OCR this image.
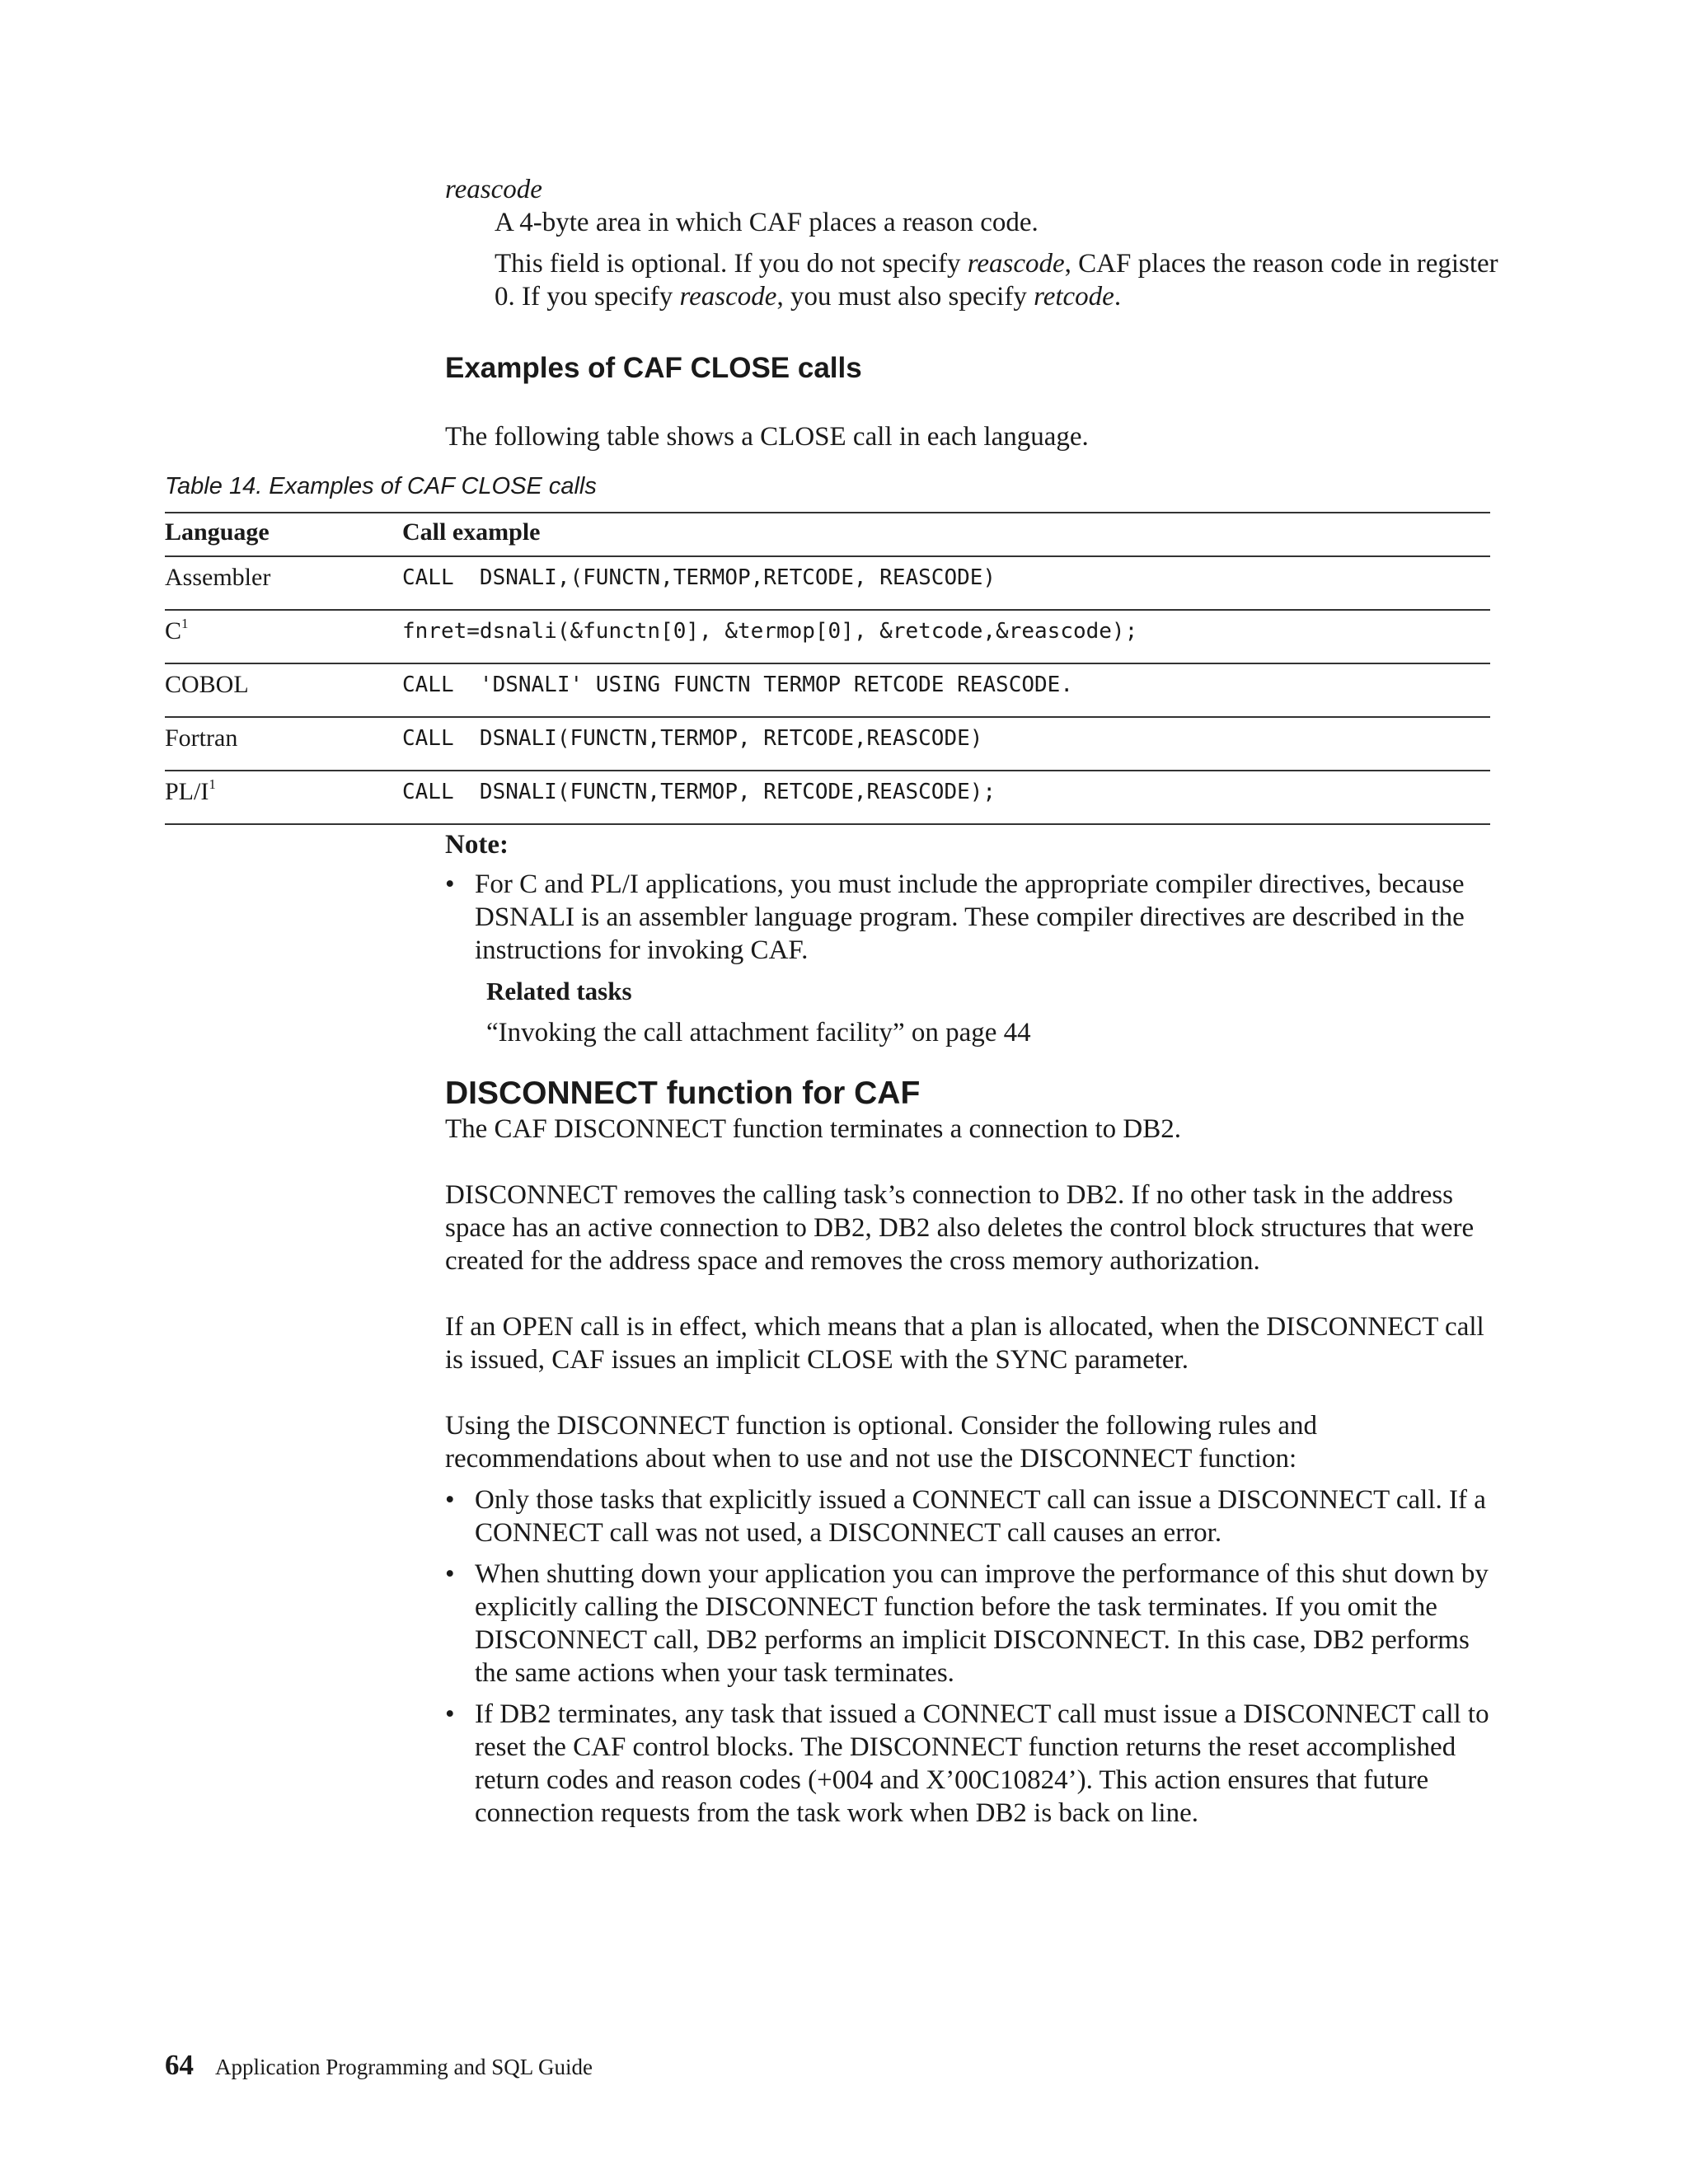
reascode

A 4-byte area in which CAF places a reason code.

This field is optional. If you do not specify reascode, CAF places the reason code in register 0. If you specify reascode, you must also specify retcode.

Examples of CAF CLOSE calls
The following table shows a CLOSE call in each language.
Table 14. Examples of CAF CLOSE calls
Language	Call example
Assembler	CALL  DSNALI,(FUNCTN,TERMOP,RETCODE, REASCODE)
$C^1$	fnret=dsnali(&functn[0], &termop[0], &retcode,&reascode);
COBOL	CALL  'DSNALI' USING FUNCTN TERMOP RETCODE REASCODE.
Fortran	CALL  DSNALI(FUNCTN,TERMOP, RETCODE,REASCODE)
$PL/I^1$	CALL  DSNALI(FUNCTN,TERMOP, RETCODE,REASCODE);

Note:

• For C and PL/I applications, you must include the appropriate compiler directives, because DSNALI is an assembler language program. These compiler directives are described in the instructions for invoking CAF.

Related tasks

“Invoking the call attachment facility” on page 44

DISCONNECT function for CAF

The CAF DISCONNECT function terminates a connection to DB2.

DISCONNECT removes the calling task’s connection to DB2. If no other task in the address space has an active connection to DB2, DB2 also deletes the control block structures that were created for the address space and removes the cross memory authorization.

If an OPEN call is in effect, which means that a plan is allocated, when the DISCONNECT call is issued, CAF issues an implicit CLOSE with the SYNC parameter.

Using the DISCONNECT function is optional. Consider the following rules and recommendations about when to use and not use the DISCONNECT function:

• Only those tasks that explicitly issued a CONNECT call can issue a DISCONNECT call. If a CONNECT call was not used, a DISCONNECT call causes an error.
• When shutting down your application you can improve the performance of this shut down by explicitly calling the DISCONNECT function before the task terminates. If you omit the DISCONNECT call, DB2 performs an implicit DISCONNECT. In this case, DB2 performs the same actions when your task terminates.
• If DB2 terminates, any task that issued a CONNECT call must issue a DISCONNECT call to reset the CAF control blocks. The DISCONNECT function returns the reset accomplished return codes and reason codes (+004 and X’00C10824’). This action ensures that future connection requests from the task work when DB2 is back on line.
64 Application Programming and SQL Guide
